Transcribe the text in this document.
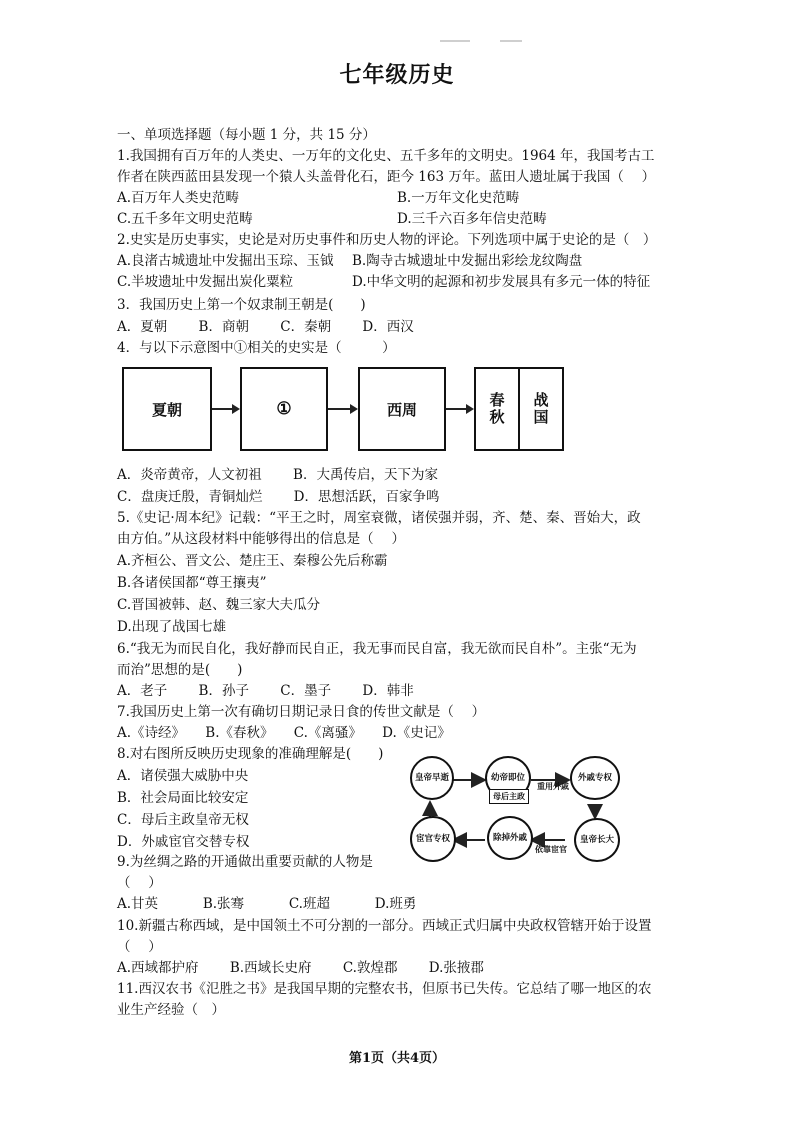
七年级历史
一、单项选择题（每小题 1 分，共 15 分）
1.我国拥有百万年的人类史、一万年的文化史、五千多年的文明史。1964 年，我国考古工
作者在陕西蓝田县发现一个猿人头盖骨化石，距今 163 万年。蓝田人遗址属于我国（　 ）
A.百万年人类史范畴	B.一万年文化史范畴
C.五千多年文明史范畴	D.三千六百多年信史范畴
2.史实是历史事实，史论是对历史事件和历史人物的评论。下列选项中属于史论的是（　）
A.良渚古城遗址中发掘出玉琮、玉钺 B.陶寺古城遗址中发掘出彩绘龙纹陶盘
C.半坡遗址中发掘出炭化粟粒	D.中华文明的起源和初步发展具有多元一体的特征
3．我国历史上第一个奴隶制王朝是(　　)
A．夏朝　　 B．商朝　　 C．秦朝　　 D．西汉
4．与以下示意图中①相关的史实是（　　　）
夏朝	①	西周	春秋 战国
A．炎帝黄帝，人文初祖　　 B．大禹传启，天下为家
C．盘庚迁殷，青铜灿烂　　 D．思想活跃，百家争鸣
5.《史记·周本纪》记载：“平王之时，周室衰微，诸侯强并弱，齐、楚、秦、晋始大，政
由方伯。”从这段材料中能够得出的信息是（　 ）
A.齐桓公、晋文公、楚庄王、秦穆公先后称霸
B.各诸侯国都“尊王攘夷”
C.晋国被韩、赵、魏三家大夫瓜分
D.出现了战国七雄
6.“我无为而民自化，我好静而民自正，我无事而民自富，我无欲而民自朴”。主张“无为
而治”思想的是(　　)
A．老子　　 B．孙子　　 C．墨子　　 D．韩非
7.我国历史上第一次有确切日期记录日食的传世文献是（　 ）
A.《诗经》　　B.《春秋》　　C.《离骚》　　D.《史记》
8.对右图所反映历史现象的准确理解是(　　)
A．诸侯强大威胁中央
B．社会局面比较安定
C．母后主政皇帝无权
D．外戚宦官交替专权
皇帝早逝	幼帝即位	外戚专权
皇帝长大
除掉外戚
宦官专权
母后主政
重用外戚
依靠宦官
9.为丝绸之路的开通做出重要贡献的人物是
（　 ）
A.甘英　　　 B.张骞　　　 C.班超　　　 D.班勇
10.新疆古称西域，是中国领土不可分割的一部分。西域正式归属中央政权管辖开始于设置
（　 ）
A.西域都护府　　 B.西域长史府　　 C.敦煌郡　　 D.张掖郡
11.西汉农书《氾胜之书》是我国早期的完整农书，但原书已失传。它总结了哪一地区的农
业生产经验（　）
第1页（共4页）
